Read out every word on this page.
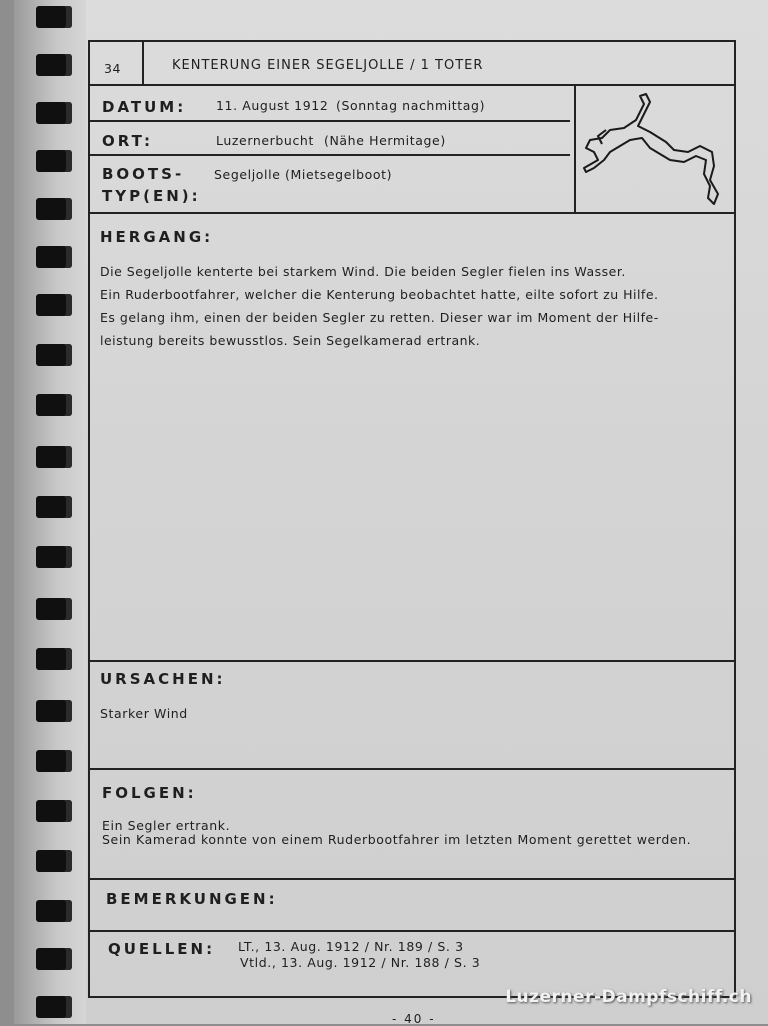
34	KENTERUNG EINER SEGELJOLLE / 1 TOTER
DATUM: 11. August 1912 (Sonntag nachmittag)
ORT:	Luzernerbucht (Nähe Hermitage)
BOOTS-
TYP(EN):
Segeljolle (Mietsegelboot)
HERGANG:

Die Segeljolle kenterte bei starkem Wind. Die beiden Segler fielen ins Wasser.

Ein Ruderbootfahrer, welcher die Kenterung beobachtet hatte, eilte sofort zu Hilfe.

Es gelang ihm, einen der beiden Segler zu retten. Dieser war im Moment der Hilfe-

leistung bereits bewusstlos. Sein Segelkamerad ertrank.

URSACHEN:
Starker Wind
FOLGEN:
Ein Segler ertrank.
Sein Kamerad konnte von einem Ruderbootfahrer im letzten Moment gerettet werden.
BEMERKUNGEN:
QUELLEN: LT., 13. Aug. 1912 / Nr. 189 / S. 3
Vtld., 13. Aug. 1912 / Nr. 188 / S. 3
Luzerner-Dampfschiff.ch
- 40 -
